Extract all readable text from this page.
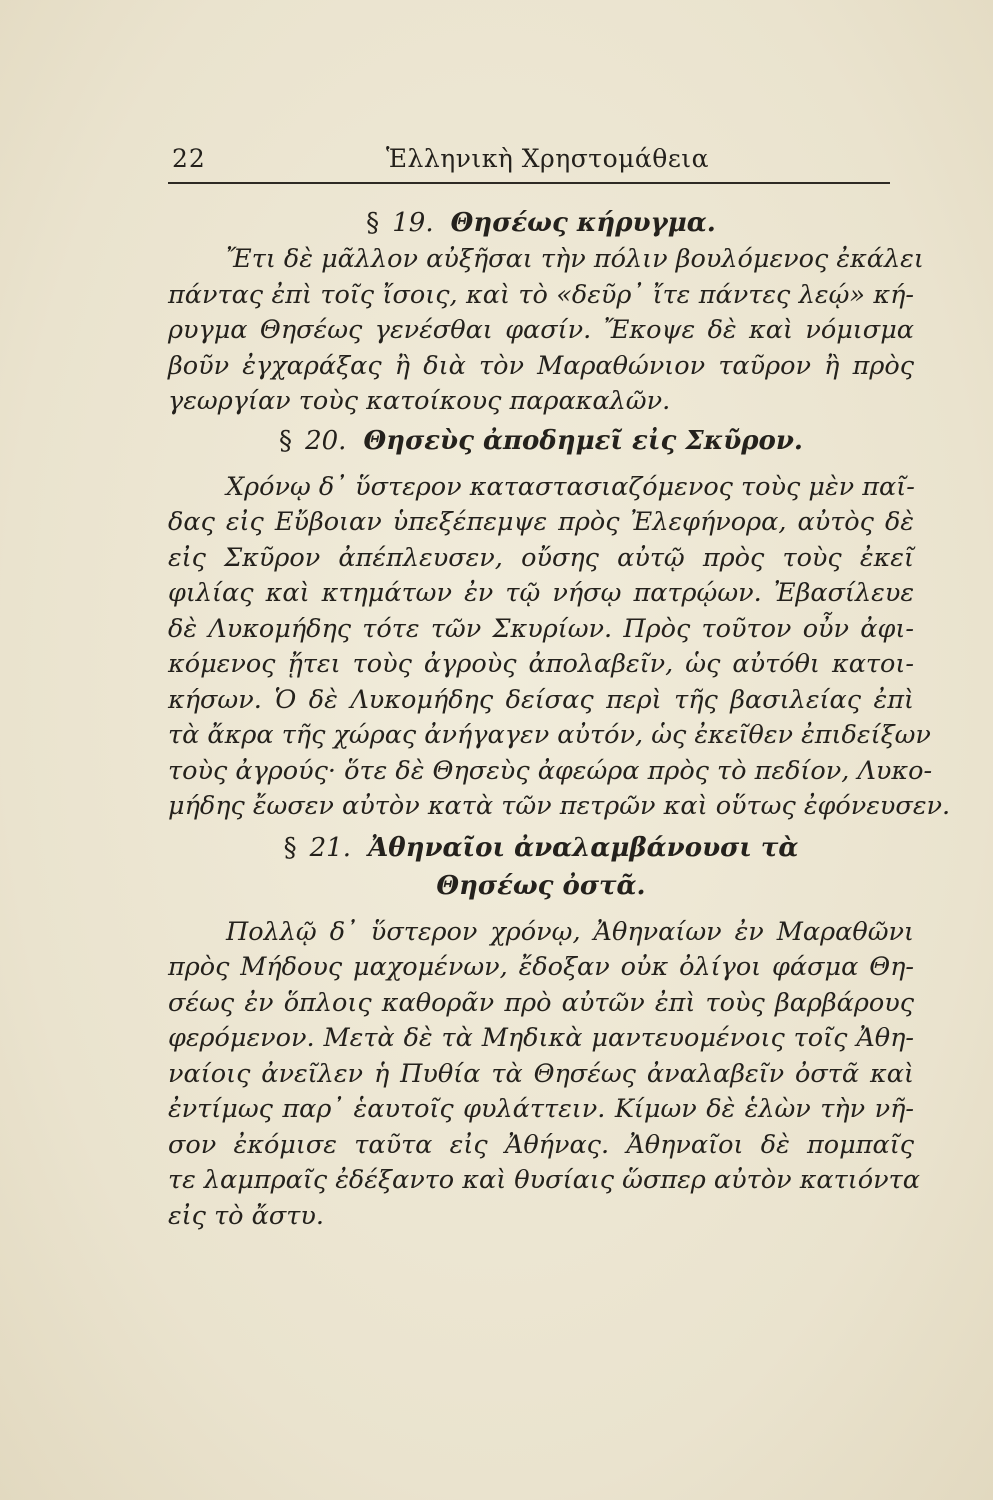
22	Ἑλληνικὴ Χρηστομάθεια
§ 19. Θησέως κήρυγμα.
Ἔτι δὲ μᾶλλον αὐξῆσαι τὴν πόλιν βουλόμενος ἐκάλει
πάντας ἐπὶ τοῖς ἴσοις, καὶ τὸ «δεῦρ᾽ ἴτε πάντες λεῴ» κή-
ρυγμα Θησέως γενέσθαι φασίν. Ἔκοψε δὲ καὶ νόμισμα
βοῦν ἐγχαράξας ἢ διὰ τὸν Μαραθώνιον ταῦρον ἢ πρὸς
γεωργίαν τοὺς κατοίκους παρακαλῶν.
§ 20. Θησεὺς ἀποδημεῖ εἰς Σκῦρον.
Χρόνῳ δ᾽ ὕστερον καταστασιαζόμενος τοὺς μὲν παῖ-
δας εἰς Εὔβοιαν ὑπεξέπεμψε πρὸς Ἐλεφήνορα, αὐτὸς δὲ
εἰς Σκῦρον ἀπέπλευσεν, οὔσης αὐτῷ πρὸς τοὺς ἐκεῖ
φιλίας καὶ κτημάτων ἐν τῷ νήσῳ πατρῴων. Ἐβασίλευε
δὲ Λυκομήδης τότε τῶν Σκυρίων. Πρὸς τοῦτον οὖν ἀφι-
κόμενος ᾔτει τοὺς ἀγροὺς ἀπολαβεῖν, ὡς αὐτόθι κατοι-
κήσων. Ὁ δὲ Λυκομήδης δείσας περὶ τῆς βασιλείας ἐπὶ
τὰ ἄκρα τῆς χώρας ἀνήγαγεν αὐτόν, ὡς ἐκεῖθεν ἐπιδείξων
τοὺς ἀγρούς· ὅτε δὲ Θησεὺς ἀφεώρα πρὸς τὸ πεδίον, Λυκο-
μήδης ἔωσεν αὐτὸν κατὰ τῶν πετρῶν καὶ οὕτως ἐφόνευσεν.
§ 21. Ἀθηναῖοι ἀναλαμβάνουσι τὰ
Θησέως ὀστᾶ.
Πολλῷ δ᾽ ὕστερον χρόνῳ, Ἀθηναίων ἐν Μαραθῶνι
πρὸς Μήδους μαχομένων, ἔδοξαν οὐκ ὀλίγοι φάσμα Θη-
σέως ἐν ὅπλοις καθορᾶν πρὸ αὐτῶν ἐπὶ τοὺς βαρβάρους
φερόμενον. Μετὰ δὲ τὰ Μηδικὰ μαντευομένοις τοῖς Ἀθη-
ναίοις ἀνεῖλεν ἡ Πυθία τὰ Θησέως ἀναλαβεῖν ὀστᾶ καὶ
ἐντίμως παρ᾽ ἑαυτοῖς φυλάττειν. Κίμων δὲ ἑλὼν τὴν νῆ-
σον ἐκόμισε ταῦτα εἰς Ἀθήνας. Ἀθηναῖοι δὲ πομπαῖς
τε λαμπραῖς ἐδέξαντο καὶ θυσίαις ὥσπερ αὐτὸν κατιόντα
εἰς τὸ ἄστυ.
